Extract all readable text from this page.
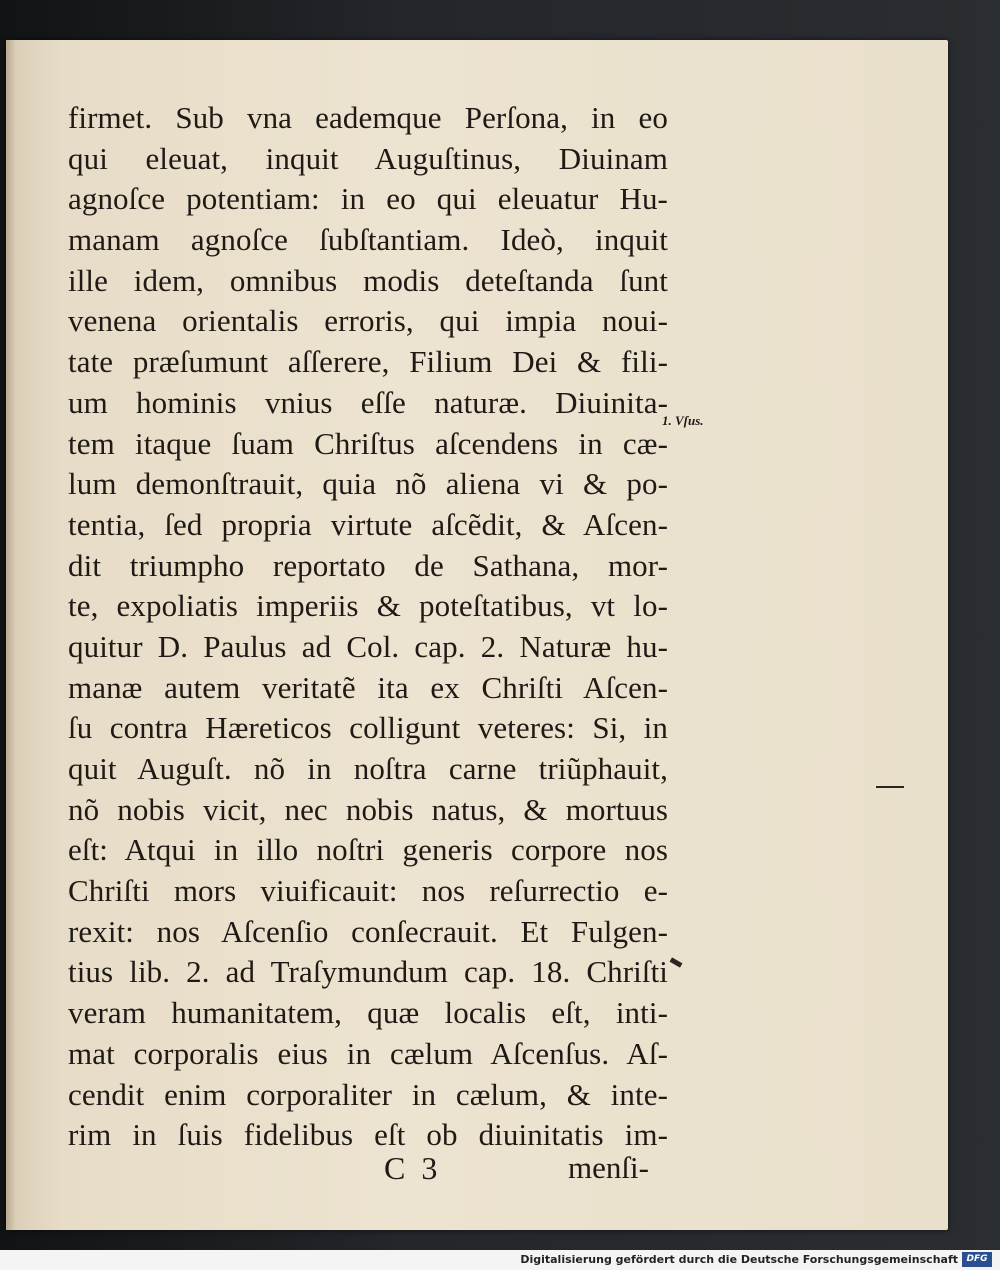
firmet. Sub vna eademque Perſona, in eo
qui eleuat, inquit Auguſtinus, Diuinam
agnoſce potentiam: in eo qui eleuatur Hu-
manam agnoſce ſubſtantiam. Ideò, inquit
ille idem, omnibus modis deteſtanda ſunt
venena orientalis erroris, qui impia noui-
tate præſumunt aſſerere, Filium Dei & fili-
um hominis vnius eſſe naturæ. Diuinita-
tem itaque ſuam Chriſtus aſcendens in cæ-
lum demonſtrauit, quia nõ aliena vi & po-
tentia, ſed propria virtute aſcẽdit, & Aſcen-
dit triumpho reportato de Sathana, mor-
te, expoliatis imperiis & poteſtatibus, vt lo-
quitur D. Paulus ad Col. cap. 2. Naturæ hu-
manæ autem veritatẽ ita ex Chriſti Aſcen-
ſu contra Hæreticos colligunt veteres: Si, in
quit Auguſt. nõ in noſtra carne triũphauit,
nõ nobis vicit, nec nobis natus, & mortuus
eſt: Atqui in illo noſtri generis corpore nos
Chriſti mors viuificauit: nos reſurrectio e-
rexit: nos Aſcenſio conſecrauit. Et Fulgen-
tius lib. 2. ad Traſymundum cap. 18. Chriſti
veram humanitatem, quæ localis eſt, inti-
mat corporalis eius in cælum Aſcenſus. Aſ-
cendit enim corporaliter in cælum, & inte-
rim in ſuis fidelibus eſt ob diuinitatis im-
1. Vſus.
C 3	menſi-
Digitalisierung gefördert durch die Deutsche Forschungsgemeinschaft DFG
